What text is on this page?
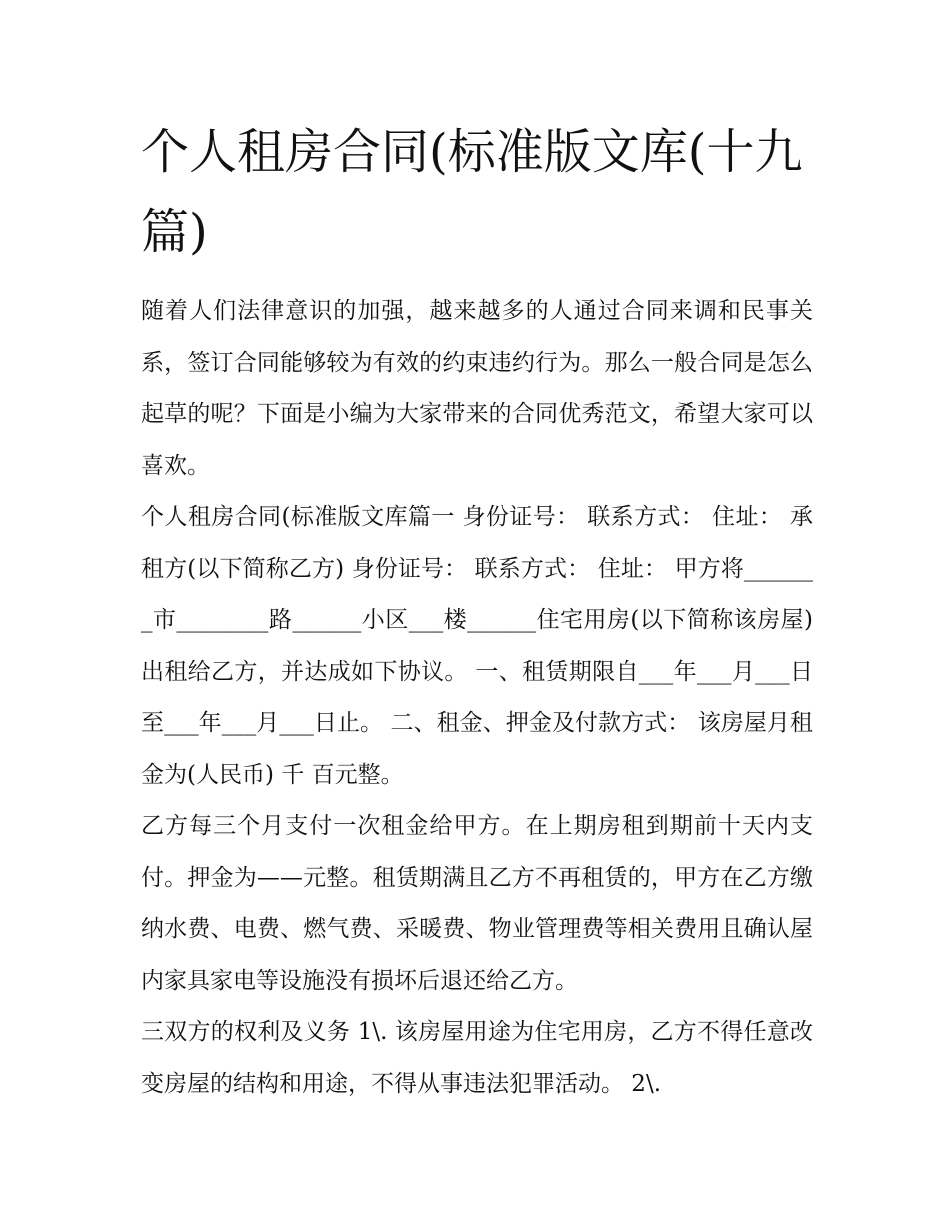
个人租房合同(标准版文库(十九篇)

随着人们法律意识的加强，越来越多的人通过合同来调和民事关系，签订合同能够较为有效的约束违约行为。那么一般合同是怎么起草的呢？下面是小编为大家带来的合同优秀范文，希望大家可以喜欢。

个人租房合同(标准版文库篇一 身份证号： 联系方式： 住址： 承租方(以下简称乙方) 身份证号： 联系方式： 住址： 甲方将_______市________路______小区___楼______住宅用房(以下简称该房屋)出租给乙方，并达成如下协议。 一、租赁期限自___年___月___日至___年___月___日止。 二、租金、押金及付款方式： 该房屋月租金为(人民币) 千 百元整。

乙方每三个月支付一次租金给甲方。在上期房租到期前十天内支付。押金为——元整。租赁期满且乙方不再租赁的，甲方在乙方缴纳水费、电费、燃气费、采暖费、物业管理费等相关费用且确认屋内家具家电等设施没有损坏后退还给乙方。

三双方的权利及义务 1\. 该房屋用途为住宅用房，乙方不得任意改变房屋的结构和用途，不得从事违法犯罪活动。 2\.
